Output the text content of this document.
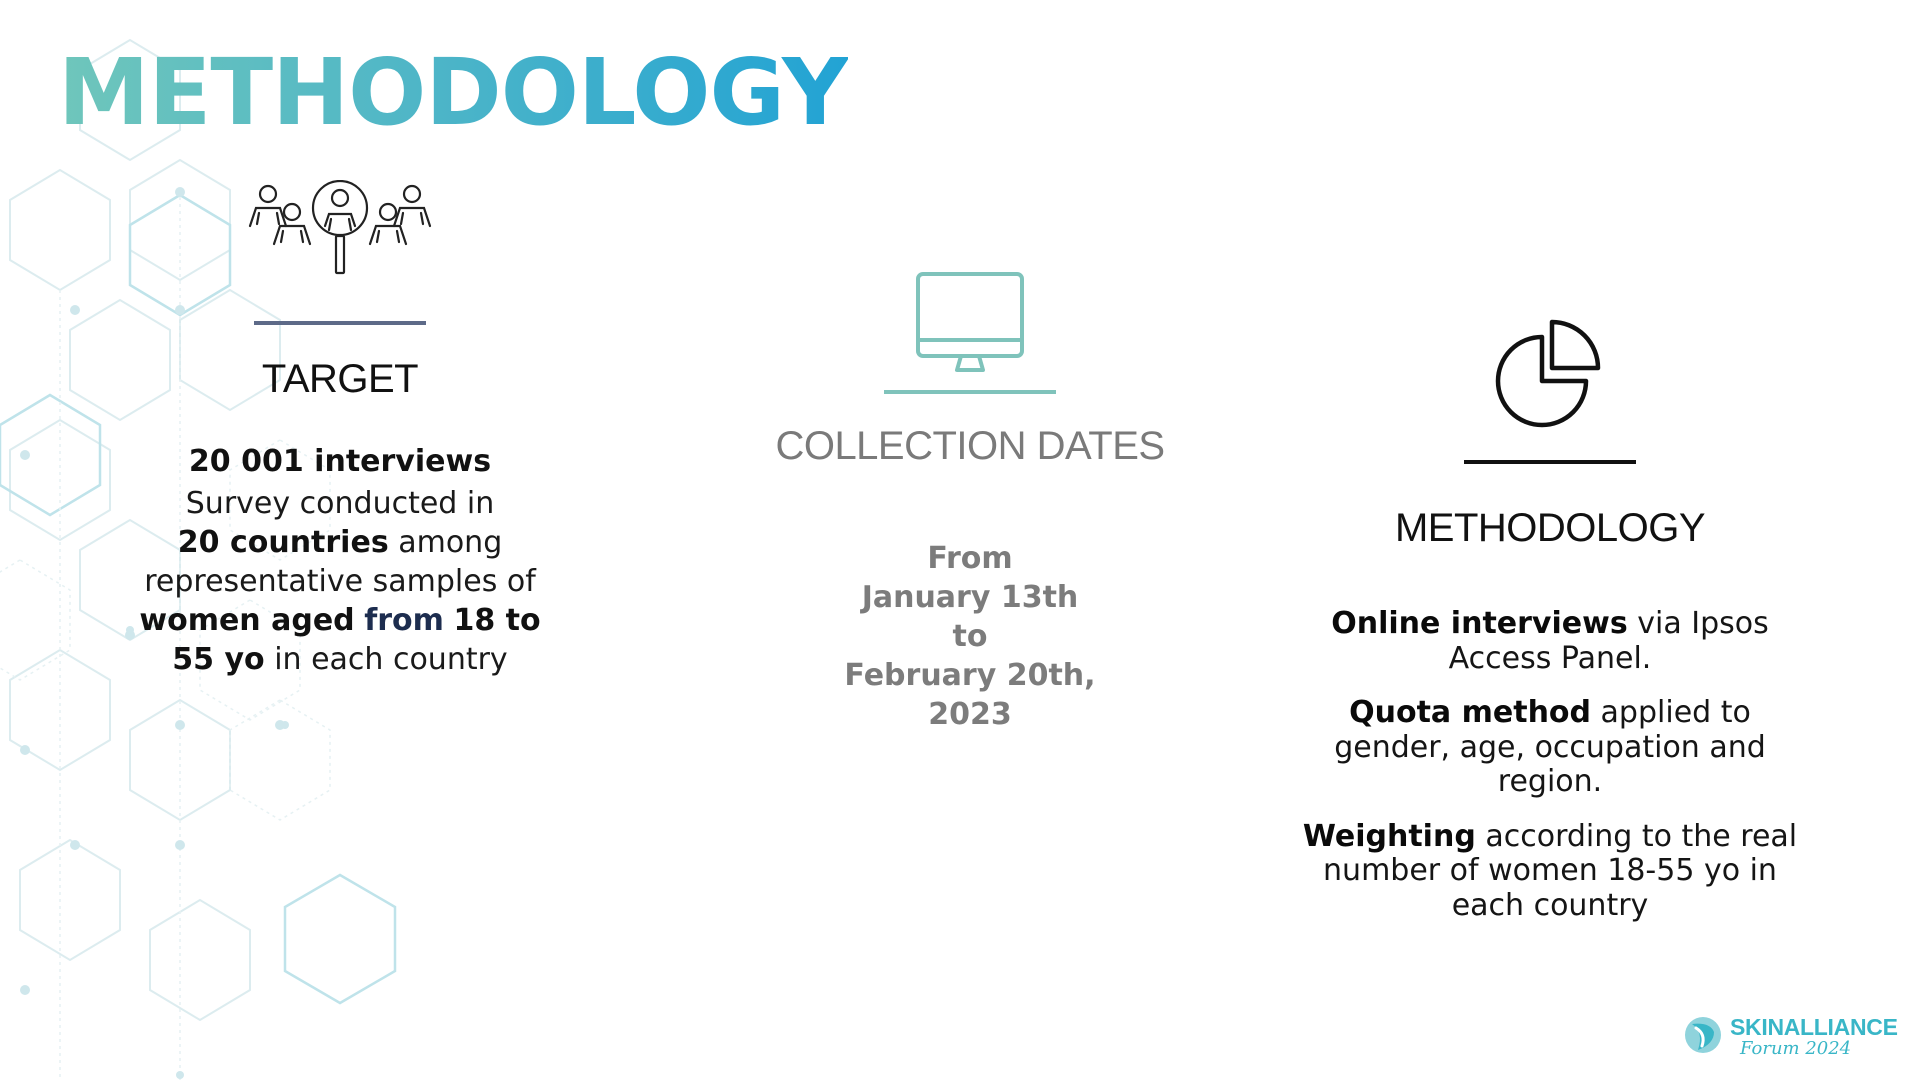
METHODOLOGY
TARGET
20 001 interviews
Survey conducted in
20 countries among
representative samples of
women aged from 18 to
55 yo in each country
COLLECTION DATES
From
January 13th
to
February 20th,
2023
METHODOLOGY

Online interviews via Ipsos Access Panel.

Quota method applied to gender, age, occupation and region.

Weighting according to the real number of women 18-55 yo in each country

SKINALLIANCE
Forum 2024
